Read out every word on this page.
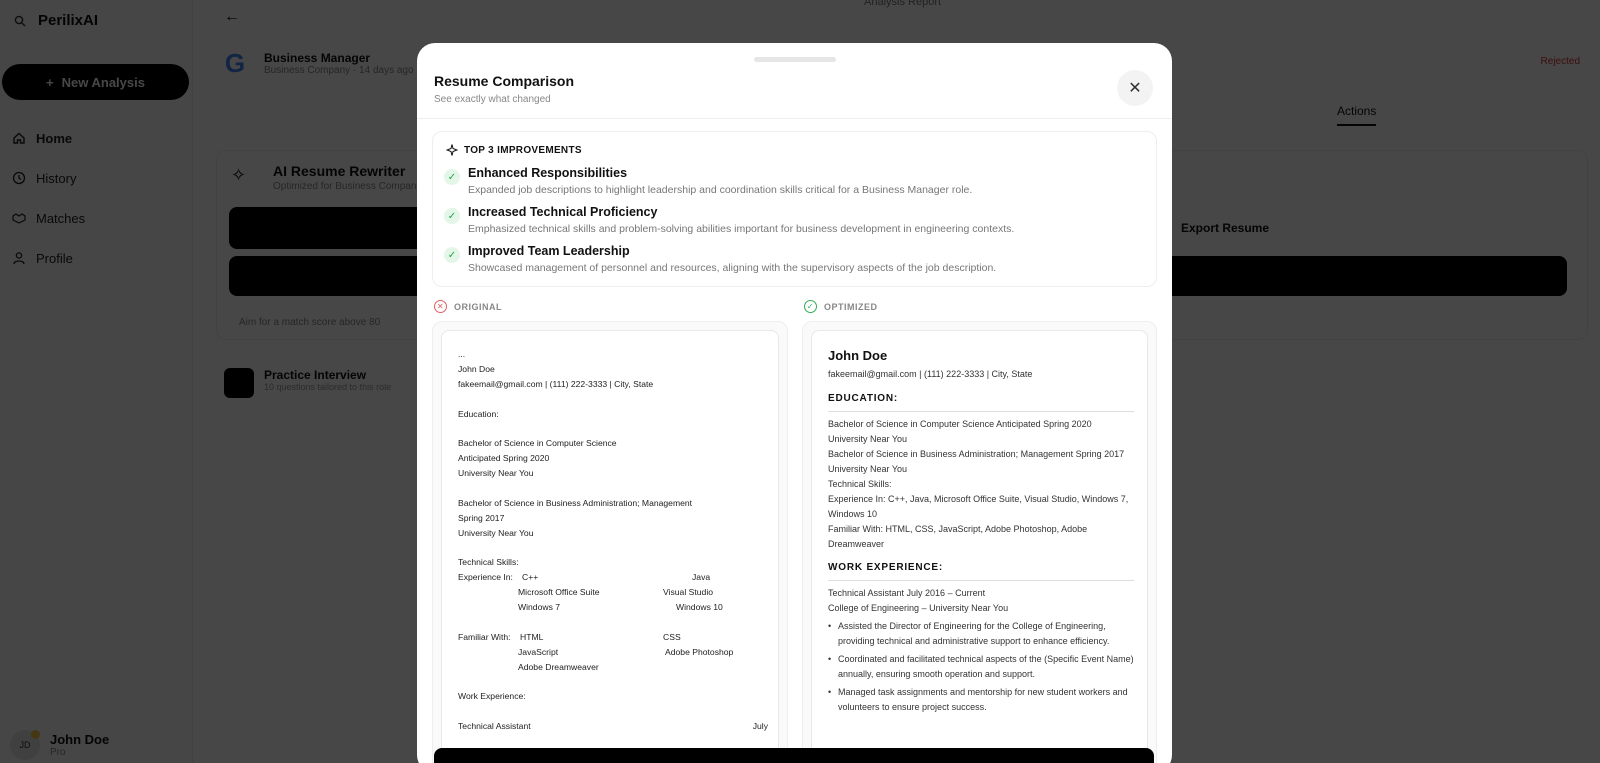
Resume Comparison
See exactly what changed
✕
TOP 3 IMPROVEMENTS
✓ Enhanced Responsibilities
Expanded job descriptions to highlight leadership and coordination skills critical for a Business Manager role.
✓ Increased Technical Proficiency
Emphasized technical skills and problem-solving abilities important for business development in engineering contexts.
✓ Improved Team Leadership
Showcased management of personnel and resources, aligning with the supervisory aspects of the job description.
✕	ORIGINAL	✓	OPTIMIZED
...
John Doe
fakeemail@gmail.com | (111) 222-3333 | City, State
Education:
Bachelor of Science in Computer Science
Anticipated Spring 2020
University Near You
Bachelor of Science in Business Administration; Management
Spring 2017
University Near You
Technical Skills:
Experience In: C++	Java
Microsoft Office Suite	Visual Studio
Windows 7	Windows 10
Familiar With: HTML	CSS
JavaScript	Adobe Photoshop
Adobe Dreamweaver
Work Experience:
Technical Assistant	July
John Doe
fakeemail@gmail.com | (111) 222-3333 | City, State
EDUCATION:
Bachelor of Science in Computer Science Anticipated Spring 2020
University Near You
Bachelor of Science in Business Administration; Management Spring 2017
University Near You
Technical Skills:
Experience In: C++, Java, Microsoft Office Suite, Visual Studio, Windows 7, Windows 10
Familiar With: HTML, CSS, JavaScript, Adobe Photoshop, Adobe Dreamweaver
WORK EXPERIENCE:
Technical Assistant July 2016 – Current
College of Engineering – University Near You
• Assisted the Director of Engineering for the College of Engineering, providing technical and administrative support to enhance efficiency.
• Coordinated and facilitated technical aspects of the (Specific Event Name) annually, ensuring smooth operation and support.
• Managed task assignments and mentorship for new student workers and volunteers to ensure project success.
